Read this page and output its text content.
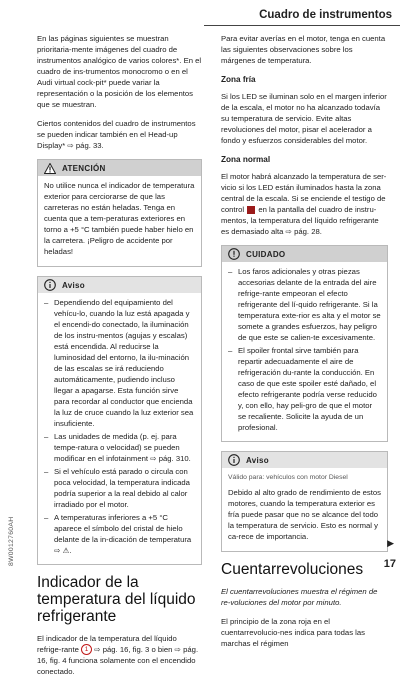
Cuadro de instrumentos

En las páginas siguientes se muestran prioritaria-mente imágenes del cuadro de instrumentos analógico de varios colores*. En el cuadro de ins-trumentos monocromo o en el Audi virtual cock-pit* puede variar la representación o la posición de los elementos que se muestran.

Ciertos contenidos del cuadro de instrumentos se pueden indicar también en el Head-up Display* ⇨ pág. 33.

ATENCIÓN

No utilice nunca el indicador de temperatura exterior para cerciorarse de que las carreteras no están heladas. Tenga en cuenta que a tem-peraturas exteriores en torno a +5 °C también puede haber hielo en la carretera. ¡Peligro de accidente por heladas!

Aviso
– Dependiendo del equipamiento del vehícu-lo, cuando la luz está apagada y el encendi-do conectado, la iluminación de los instru-mentos (agujas y escalas) está encendida. Al reducirse la luminosidad del entorno, la ilu-minación de las escalas se irá reduciendo automáticamente, pudiendo incluso llegar a apagarse. Esta función sirve para recordar al conductor que encienda la luz de cruce cuando la luz exterior sea insuficiente.
– Las unidades de medida (p. ej. para tempe-ratura o velocidad) se pueden modificar en el infotainment ⇨ pág. 310.
– Si el vehículo está parado o circula con poca velocidad, la temperatura indicada podría superior a la real debido al calor irradiado por el motor.
– A temperaturas inferiores a +5 °C aparece el símbolo del cristal de hielo delante de la in-dicación de temperatura ⇨ ⚠.
Indicador de la temperatura del líquido refrigerante

El indicador de la temperatura del líquido refrige-rante 1 ⇨ pág. 16, fig. 3 o bien ⇨ pág. 16, fig. 4 funciona solamente con el encendido conectado.

Para evitar averías en el motor, tenga en cuenta las siguientes observaciones sobre los márgenes de temperatura.

Zona fría

Si los LED se iluminan solo en el margen inferior de la escala, el motor no ha alcanzado todavía su temperatura de servicio. Evite altas revoluciones del motor, pisar el acelerador a fondo y esfuerzos considerables del motor.

Zona normal

El motor habrá alcanzado la temperatura de ser-vicio si los LED están iluminados hasta la zona central de la escala. Si se enciende el testigo de control en la pantalla del cuadro de instru-mentos, la temperatura del líquido refrigerante es demasiado alta ⇨ pág. 28.

CUIDADO
– Los faros adicionales y otras piezas accesorias delante de la entrada del aire refrige-rante empeoran el efecto refrigerante del lí-quido refrigerante. Si la temperatura exte-rior es alta y el motor se somete a grandes esfuerzos, hay peligro de que este se calien-te excesivamente.
– El spoiler frontal sirve también para repartir adecuadamente el aire de refrigeración du-rante la conducción. En caso de que este spoiler esté dañado, el efecto refrigerante podría verse reducido y, con ello, hay peli-gro de que el motor se recaliente. Solicite la ayuda de un profesional.
Aviso
Válido para: vehículos con motor Diesel

Debido al alto grado de rendimiento de estos motores, cuando la temperatura exterior es fría puede pasar que no se alcance del todo la temperatura de servicio. Esto es normal y ca-rece de importancia.

Cuentarrevoluciones

El cuentarrevoluciones muestra el régimen de re-voluciones del motor por minuto.

El principio de la zona roja en el cuentarrevolucio-nes indica para todas las marchas el régimen

8W0012760AH	▶
17
